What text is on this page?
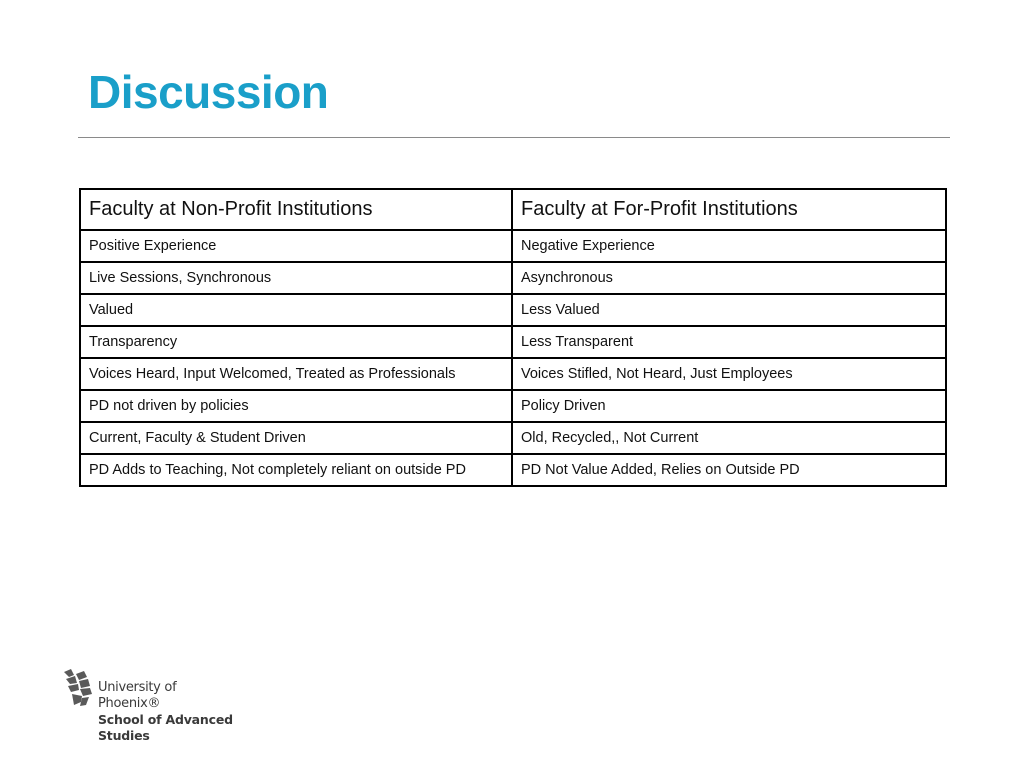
Discussion
Faculty at Non-Profit Institutions	Faculty at For-Profit Institutions
Positive Experience	Negative Experience
Live Sessions, Synchronous	Asynchronous
Valued	Less Valued
Transparency	Less Transparent
Voices Heard, Input Welcomed, Treated as Professionals	Voices Stifled, Not Heard, Just Employees
PD not driven by policies	Policy Driven
Current, Faculty & Student Driven	Old, Recycled,, Not Current
PD Adds to Teaching, Not completely reliant on outside PD	PD Not Value Added, Relies on Outside PD
University of Phoenix®
School of Advanced
Studies
